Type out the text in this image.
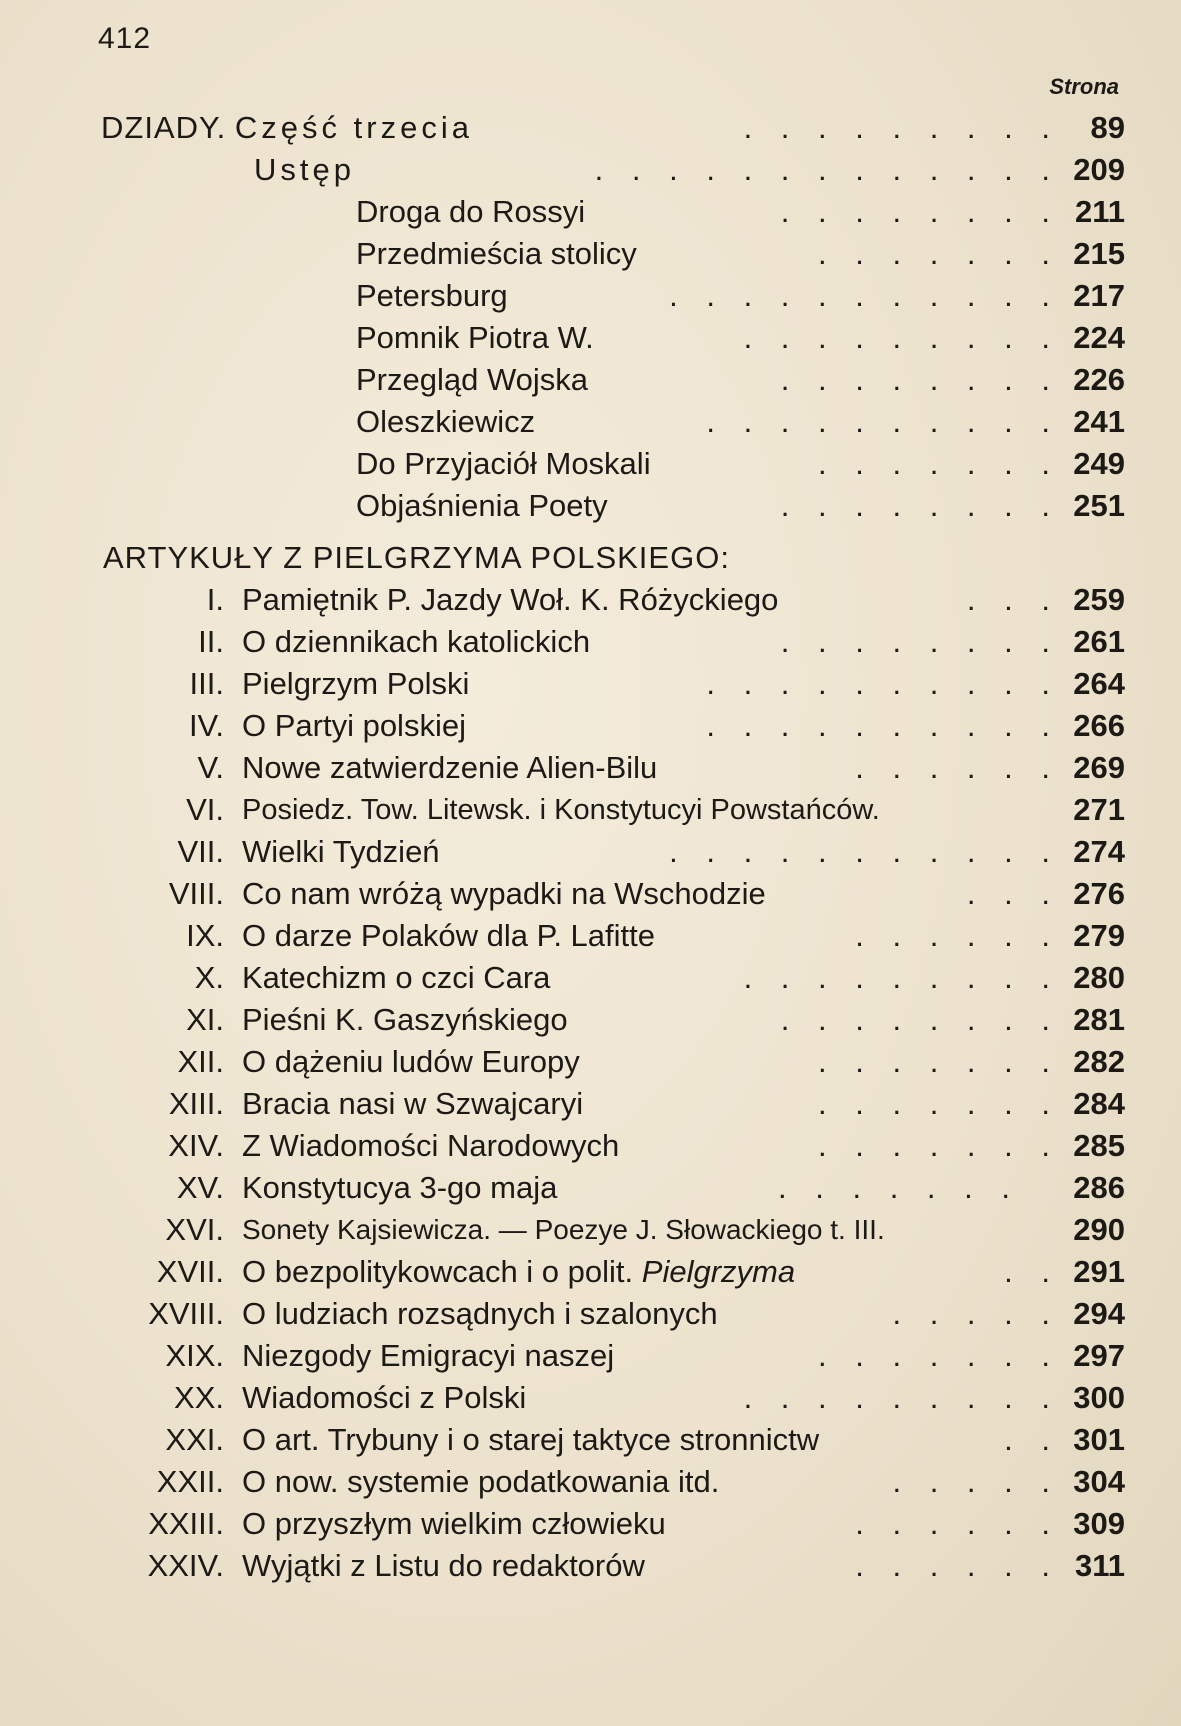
412
Strona
DZIADY. Część trzecia	. . . . . . . . . 89
Ustęp	. . . . . . . . . . . . . 209
Droga do Rossyi	. . . . . . . . 211
Przedmieścia stolicy	. . . . . . . 215
Petersburg	. . . . . . . . . . . 217
Pomnik Piotra W.	. . . . . . . . . 224
Przegląd Wojska	. . . . . . . . 226
Oleszkiewicz	. . . . . . . . . . 241
Do Przyjaciół Moskali	. . . . . . . 249
Objaśnienia Poety	. . . . . . . . 251
ARTYKUŁY Z PIELGRZYMA POLSKIEGO:
I. Pamiętnik P. Jazdy Woł. K. Różyckiego	. . . 259
II. O dziennikach katolickich	. . . . . . . . 261
III. Pielgrzym Polski	. . . . . . . . . . 264
IV. O Partyi polskiej	. . . . . . . . . . 266
V. Nowe zatwierdzenie Alien-Bilu	. . . . . . 269
VI. Posiedz. Tow. Litewsk. i Konstytucyi Powstańców.	271
VII. Wielki Tydzień	. . . . . . . . . . . 274
VIII. Co nam wróżą wypadki na Wschodzie	. . . 276
IX. O darze Polaków dla P. Lafitte	. . . . . . 279
X. Katechizm o czci Cara	. . . . . . . . . 280
XI. Pieśni K. Gaszyńskiego	. . . . . . . . 281
XII. O dążeniu ludów Europy	. . . . . . . 282
XIII. Bracia nasi w Szwajcaryi	. . . . . . . 284
XIV. Z Wiadomości Narodowych	. . . . . . . 285
XV. Konstytucya 3-go maja	. . . . . . . 286
XVI. Sonety Kajsiewicza. — Poezye J. Słowackiego t. III.	290
XVII. O bezpolitykowcach i o polit. Pielgrzyma	. . 291
XVIII. O ludziach rozsądnych i szalonych	. . . . . 294
XIX. Niezgody Emigracyi naszej	. . . . . . . 297
XX. Wiadomości z Polski	. . . . . . . . . 300
XXI. O art. Trybuny i o starej taktyce stronnictw	. . 301
XXII. O now. systemie podatkowania itd.	. . . . . 304
XXIII. O przyszłym wielkim człowieku	. . . . . . 309
XXIV. Wyjątki z Listu do redaktorów	. . . . . . 311
